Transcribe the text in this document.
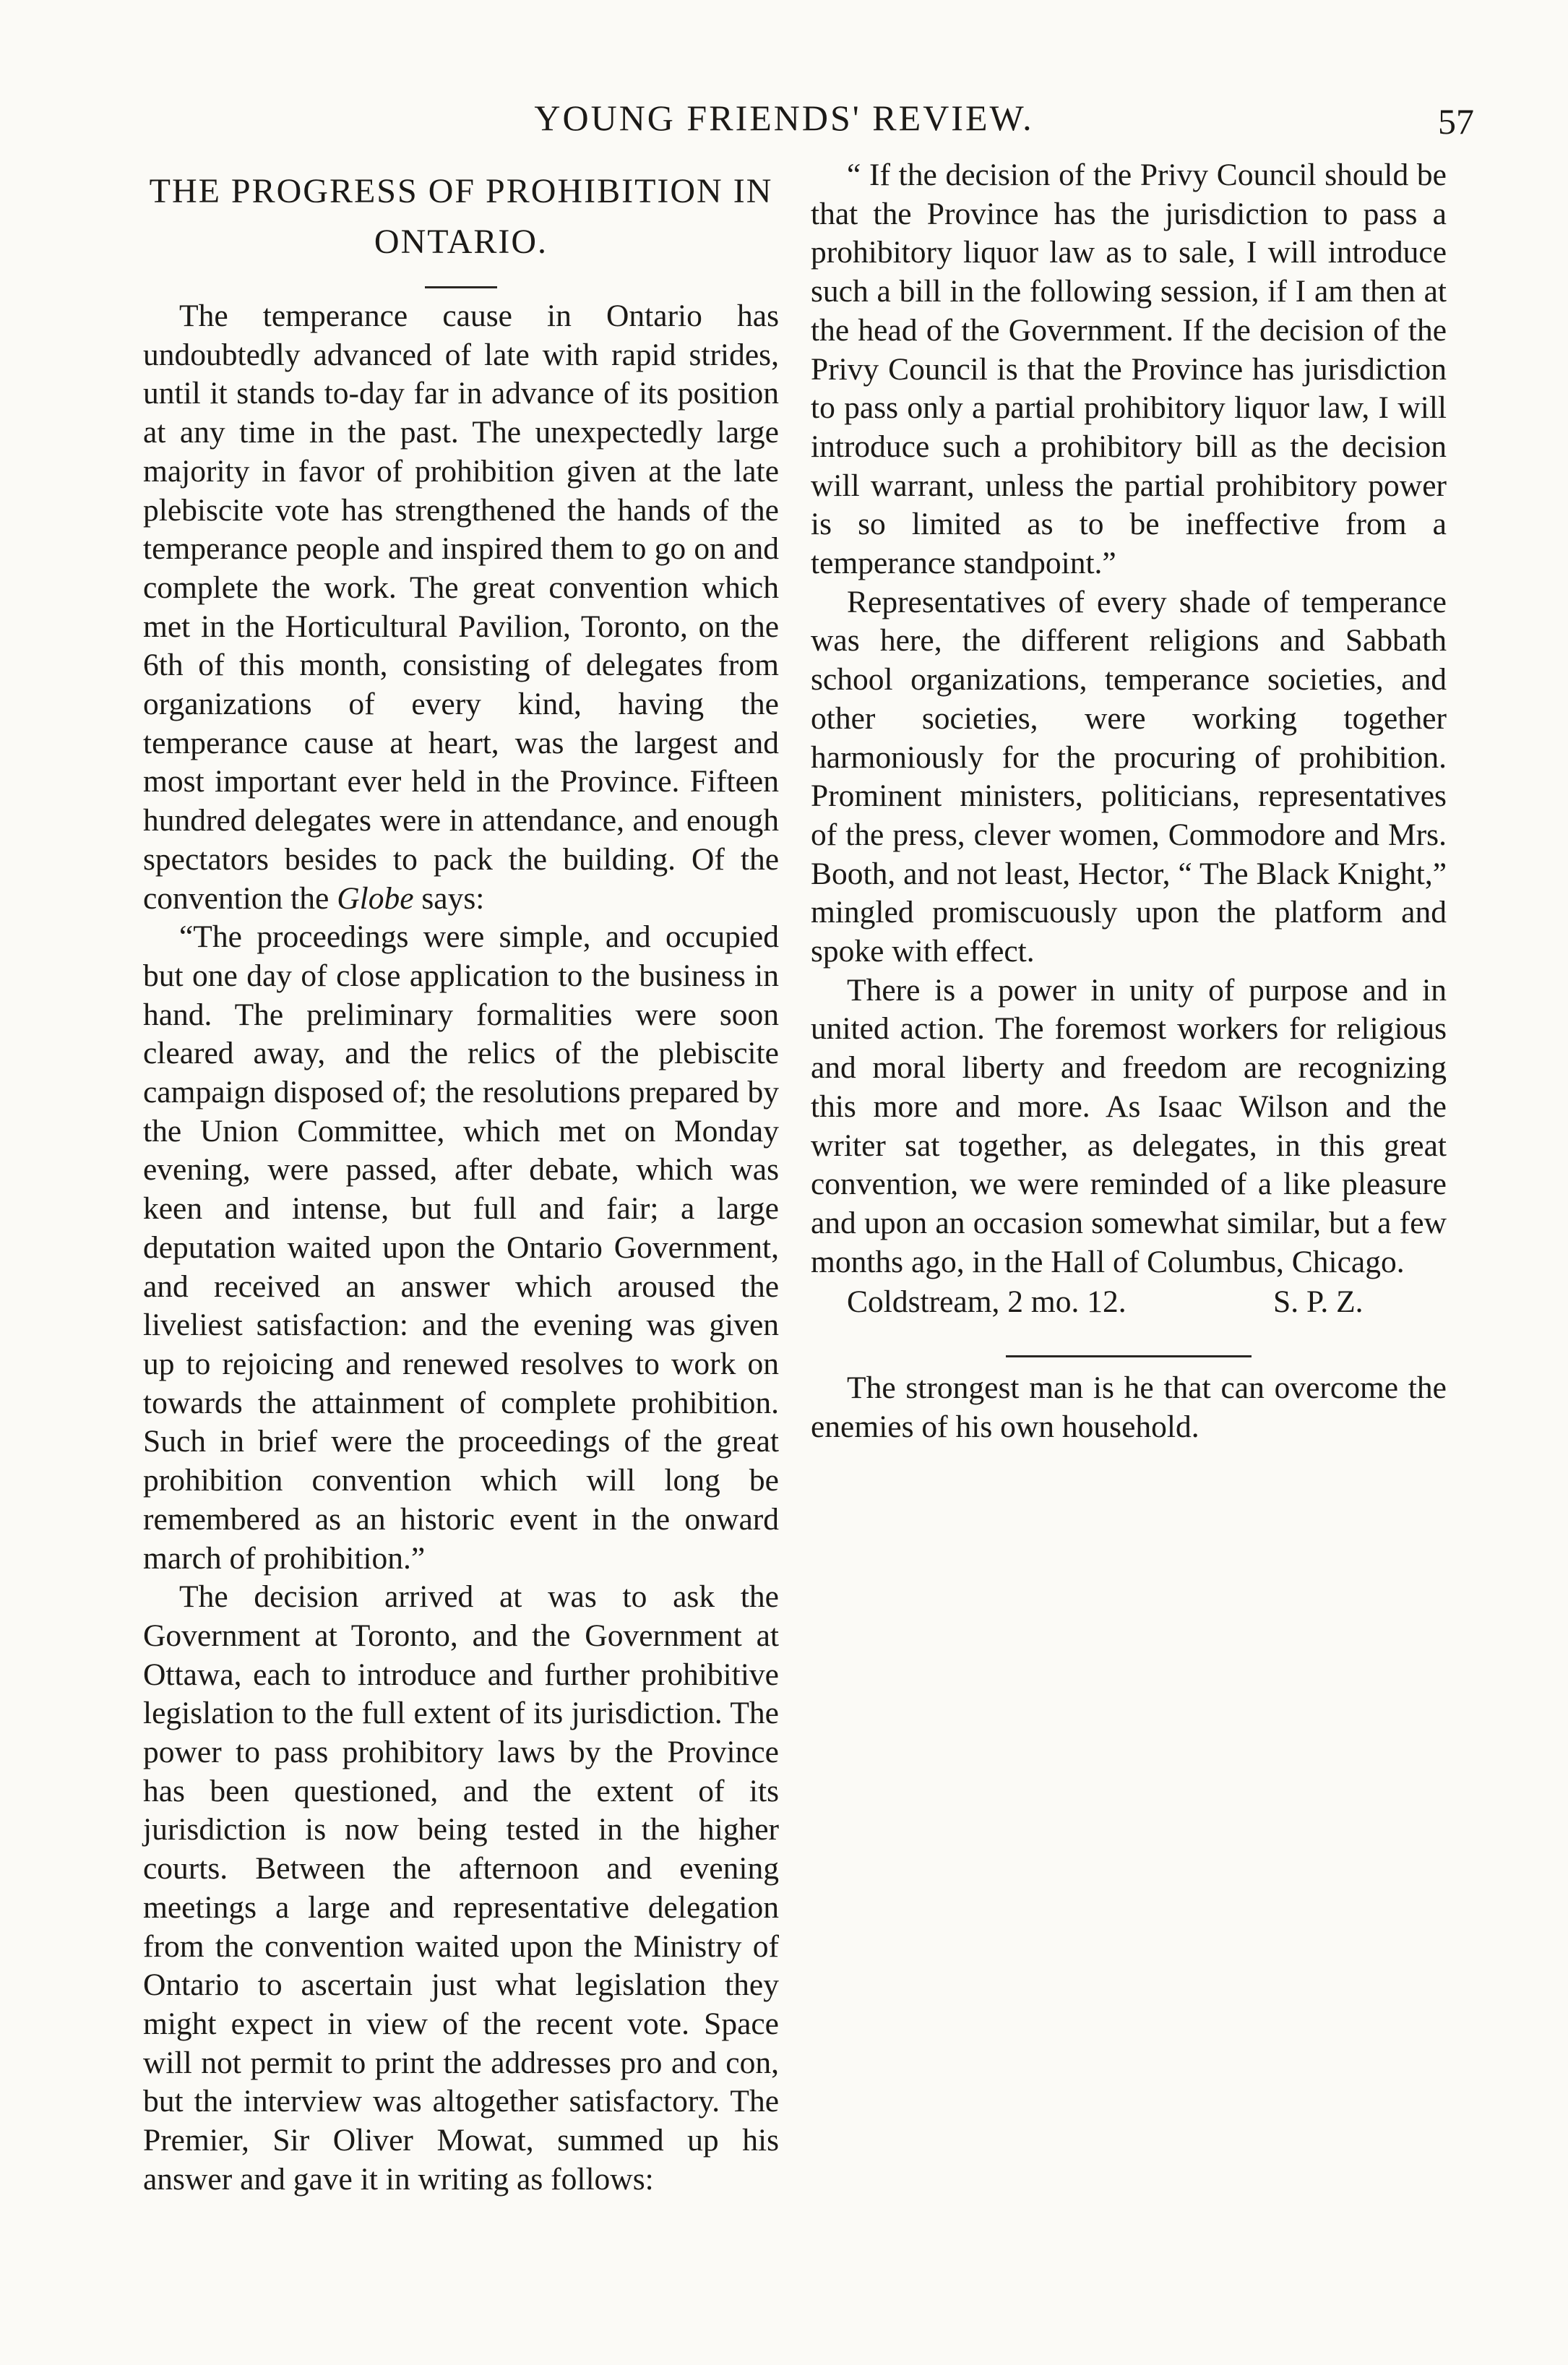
YOUNG FRIENDS' REVIEW.	57
THE PROGRESS OF PROHIBITION IN ONTARIO.

The temperance cause in Ontario has undoubtedly advanced of late with rapid strides, until it stands to-day far in advance of its position at any time in the past. The unexpectedly large majority in favor of prohibition given at the late plebiscite vote has strengthened the hands of the temperance people and inspired them to go on and complete the work. The great convention which met in the Horticultural Pavilion, Toronto, on the 6th of this month, consisting of delegates from organizations of every kind, having the temperance cause at heart, was the largest and most important ever held in the Province. Fifteen hundred delegates were in attendance, and enough spectators besides to pack the building. Of the convention the Globe says:

“The proceedings were simple, and occupied but one day of close application to the business in hand. The preliminary formalities were soon cleared away, and the relics of the plebiscite campaign disposed of; the resolutions prepared by the Union Committee, which met on Monday evening, were passed, after debate, which was keen and intense, but full and fair; a large deputation waited upon the Ontario Government, and received an answer which aroused the liveliest satisfaction: and the evening was given up to rejoicing and renewed resolves to work on towards the attainment of complete prohibition. Such in brief were the proceedings of the great prohibition convention which will long be remembered as an historic event in the onward march of prohibition.”

The decision arrived at was to ask the Government at Toronto, and the Government at Ottawa, each to introduce and further prohibitive legislation to the full extent of its jurisdiction. The power to pass prohibitory laws by the Province has been questioned, and the extent of its jurisdiction is now being tested in the higher courts. Between the afternoon and evening meetings a large and representative delegation from the convention waited upon the Ministry of Ontario to ascertain just what legislation they might expect in view of the recent vote. Space will not permit to print the addresses pro and con, but the interview was altogether satisfactory. The Premier, Sir Oliver Mowat, summed up his answer and gave it in writing as follows:

“ If the decision of the Privy Council should be that the Province has the jurisdiction to pass a prohibitory liquor law as to sale, I will introduce such a bill in the following session, if I am then at the head of the Government. If the decision of the Privy Council is that the Province has jurisdiction to pass only a partial prohibitory liquor law, I will introduce such a prohibitory bill as the decision will warrant, unless the partial prohibitory power is so limited as to be ineffective from a temperance standpoint.”

Representatives of every shade of temperance was here, the different religions and Sabbath school organizations, temperance societies, and other societies, were working together harmoniously for the procuring of prohibition. Prominent ministers, politicians, representatives of the press, clever women, Commodore and Mrs. Booth, and not least, Hector, “ The Black Knight,” mingled promiscuously upon the platform and spoke with effect.

There is a power in unity of purpose and in united action. The foremost workers for religious and moral liberty and freedom are recognizing this more and more. As Isaac Wilson and the writer sat together, as delegates, in this great convention, we were reminded of a like pleasure and upon an occasion somewhat similar, but a few months ago, in the Hall of Columbus, Chicago.

Coldstream, 2 mo. 12.	S. P. Z.

The strongest man is he that can overcome the enemies of his own household.
